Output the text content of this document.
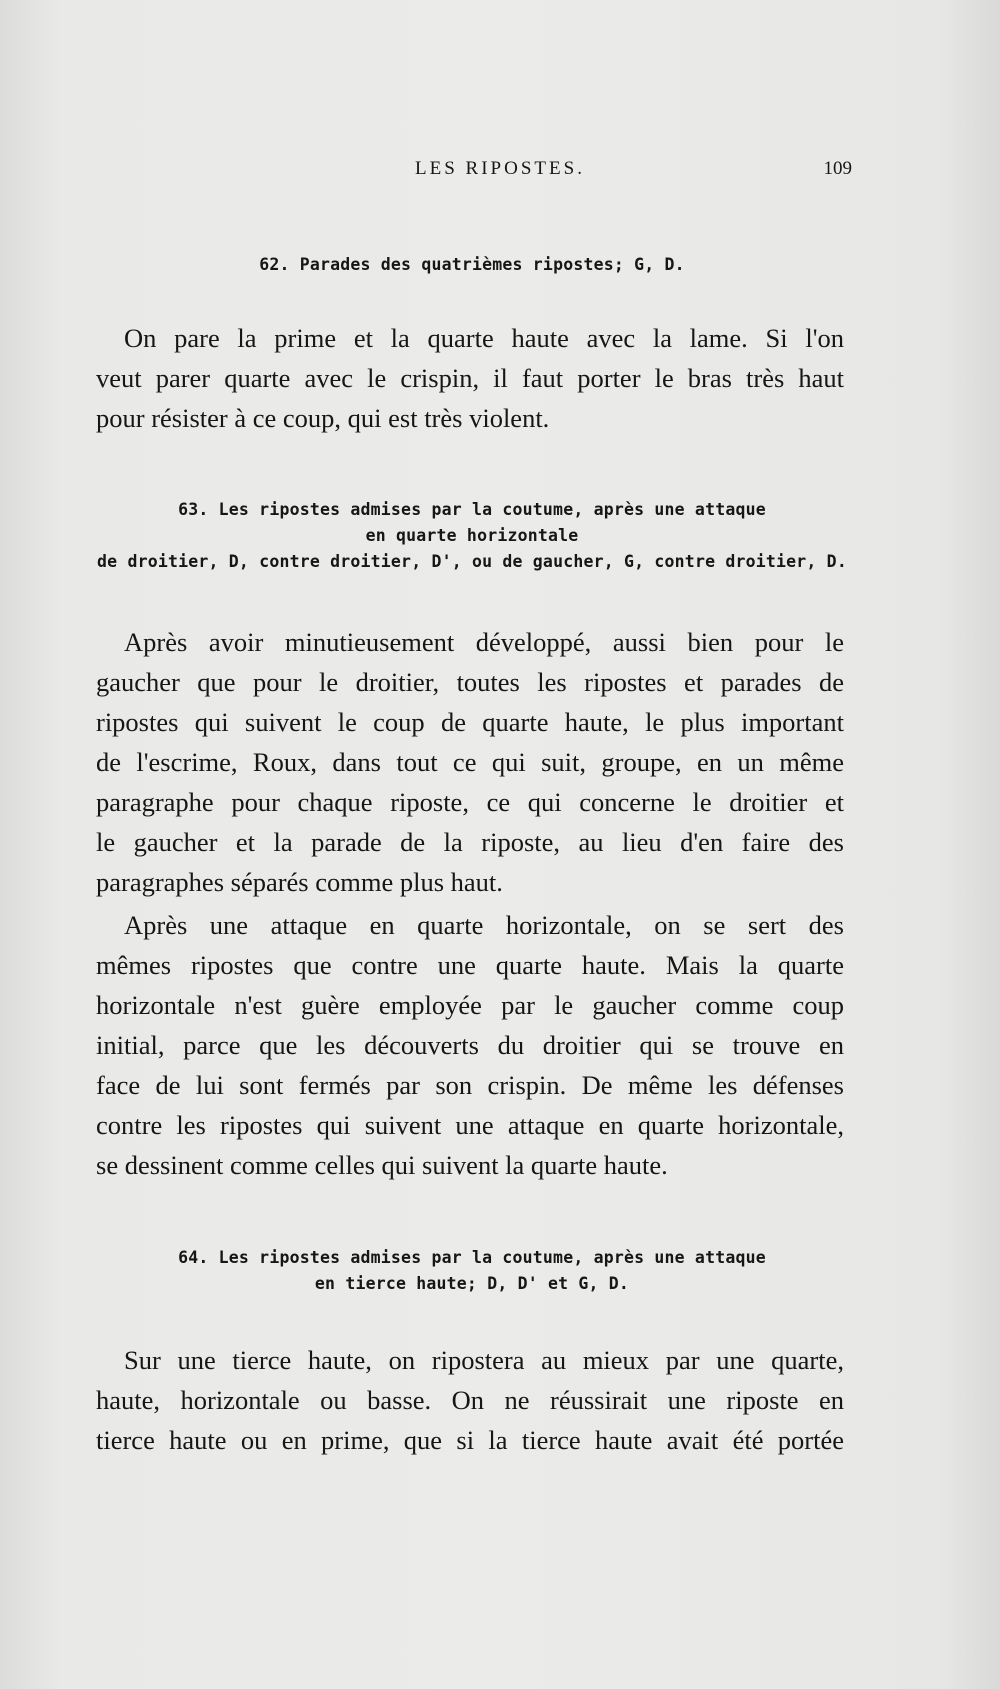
LES RIPOSTES.	109
62. Parades des quatrièmes ripostes; G, D.
On pare la prime et la quarte haute avec la lame. Si l'on
veut parer quarte avec le crispin, il faut porter le bras très haut
pour résister à ce coup, qui est très violent.
63. Les ripostes admises par la coutume, après une attaque
en quarte horizontale
de droitier, D, contre droitier, D', ou de gaucher, G, contre droitier, D.
Après avoir minutieusement développé, aussi bien pour le
gaucher que pour le droitier, toutes les ripostes et parades de
ripostes qui suivent le coup de quarte haute, le plus important
de l'escrime, Roux, dans tout ce qui suit, groupe, en un même
paragraphe pour chaque riposte, ce qui concerne le droitier et
le gaucher et la parade de la riposte, au lieu d'en faire des
paragraphes séparés comme plus haut.
Après une attaque en quarte horizontale, on se sert des
mêmes ripostes que contre une quarte haute. Mais la quarte
horizontale n'est guère employée par le gaucher comme coup
initial, parce que les découverts du droitier qui se trouve en
face de lui sont fermés par son crispin. De même les défenses
contre les ripostes qui suivent une attaque en quarte horizontale,
se dessinent comme celles qui suivent la quarte haute.
64. Les ripostes admises par la coutume, après une attaque
en tierce haute; D, D' et G, D.
Sur une tierce haute, on ripostera au mieux par une quarte,
haute, horizontale ou basse. On ne réussirait une riposte en
tierce haute ou en prime, que si la tierce haute avait été portée
